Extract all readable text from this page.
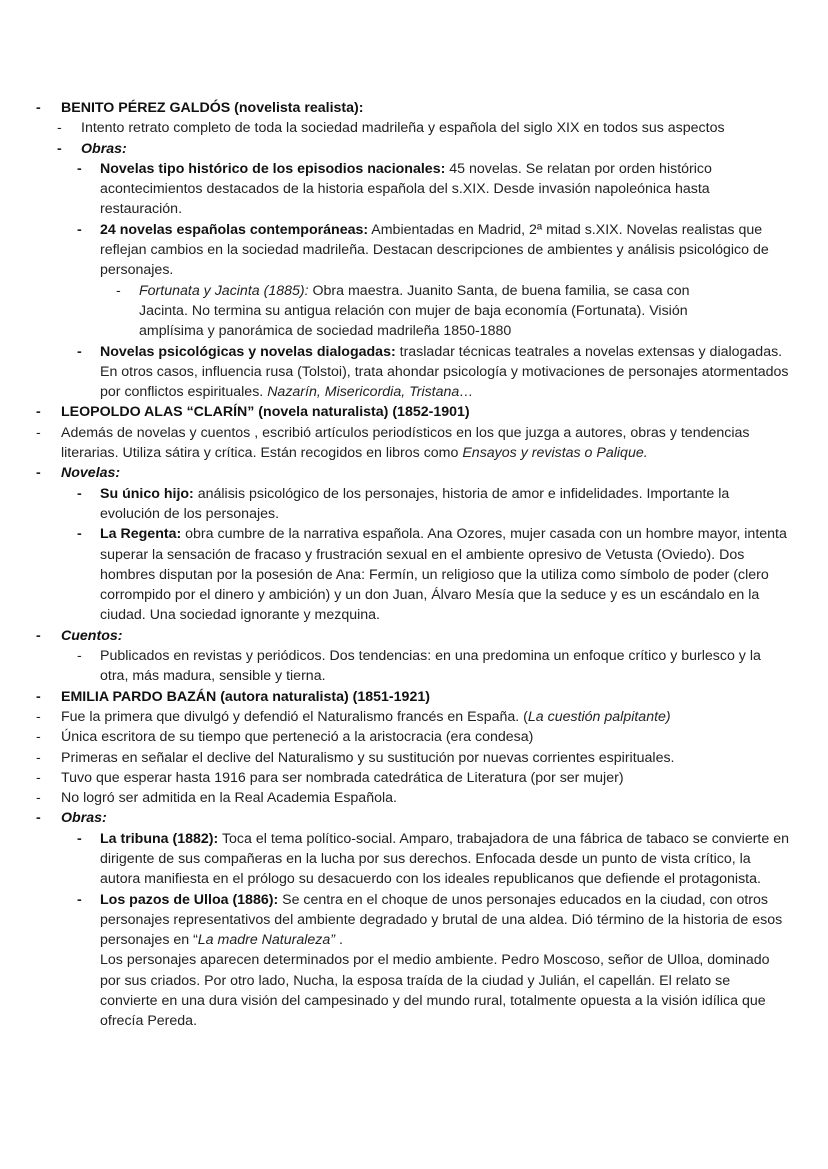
- BENITO PÉREZ GALDÓS (novelista realista):
- Intento retrato completo de toda la sociedad madrileña y española del siglo XIX en todos sus aspectos
- Obras:
- Novelas tipo histórico de los episodios nacionales: 45 novelas. Se relatan por orden histórico acontecimientos destacados de la historia española del s.XIX. Desde invasión napoleónica hasta restauración.
- 24 novelas españolas contemporáneas: Ambientadas en Madrid, 2ª mitad s.XIX. Novelas realistas que reflejan cambios en la sociedad madrileña. Destacan descripciones de ambientes y análisis psicológico de personajes.
- Fortunata y Jacinta (1885): Obra maestra. Juanito Santa, de buena familia, se casa con Jacinta. No termina su antigua relación con mujer de baja economía (Fortunata). Visión amplísima y panorámica de sociedad madrileña 1850-1880
- Novelas psicológicas y novelas dialogadas: trasladar técnicas teatrales a novelas extensas y dialogadas. En otros casos, influencia rusa (Tolstoi), trata ahondar psicología y motivaciones de personajes atormentados por conflictos espirituales. Nazarín, Misericordia, Tristana…
- LEOPOLDO ALAS “CLARÍN” (novela naturalista) (1852-1901)
- Además de novelas y cuentos , escribió artículos periodísticos en los que juzga a autores, obras y tendencias literarias. Utiliza sátira y crítica. Están recogidos en libros como Ensayos y revistas o Palique.
- Novelas:
- Su único hijo: análisis psicológico de los personajes, historia de amor e infidelidades. Importante la evolución de los personajes.
- La Regenta: obra cumbre de la narrativa española. Ana Ozores, mujer casada con un hombre mayor, intenta superar la sensación de fracaso y frustración sexual en el ambiente opresivo de Vetusta (Oviedo). Dos hombres disputan por la posesión de Ana: Fermín, un religioso que la utiliza como símbolo de poder (clero corrompido por el dinero y ambición) y un don Juan, Álvaro Mesía que la seduce y es un escándalo en la ciudad. Una sociedad ignorante y mezquina.
- Cuentos:
- Publicados en revistas y periódicos. Dos tendencias: en una predomina un enfoque crítico y burlesco y la otra, más madura, sensible y tierna.
- EMILIA PARDO BAZÁN (autora naturalista) (1851-1921)
- Fue la primera que divulgó y defendió el Naturalismo francés en España. (La cuestión palpitante)
- Única escritora de su tiempo que perteneció a la aristocracia (era condesa)
- Primeras en señalar el declive del Naturalismo y su sustitución por nuevas corrientes espirituales.
- Tuvo que esperar hasta 1916 para ser nombrada catedrática de Literatura (por ser mujer)
- No logró ser admitida en la Real Academia Española.
- Obras:
- La tribuna (1882): Toca el tema político-social. Amparo, trabajadora de una fábrica de tabaco se convierte en dirigente de sus compañeras en la lucha por sus derechos. Enfocada desde un punto de vista crítico, la autora manifiesta en el prólogo su desacuerdo con los ideales republicanos que defiende el protagonista.
- Los pazos de Ulloa (1886): Se centra en el choque de unos personajes educados en la ciudad, con otros personajes representativos del ambiente degradado y brutal de una aldea. Dió término de la historia de esos personajes en “La madre Naturaleza” .
Los personajes aparecen determinados por el medio ambiente. Pedro Moscoso, señor de Ulloa, dominado por sus criados. Por otro lado, Nucha, la esposa traída de la ciudad y Julián, el capellán. El relato se convierte en una dura visión del campesinado y del mundo rural, totalmente opuesta a la visión idílica que ofrecía Pereda.
